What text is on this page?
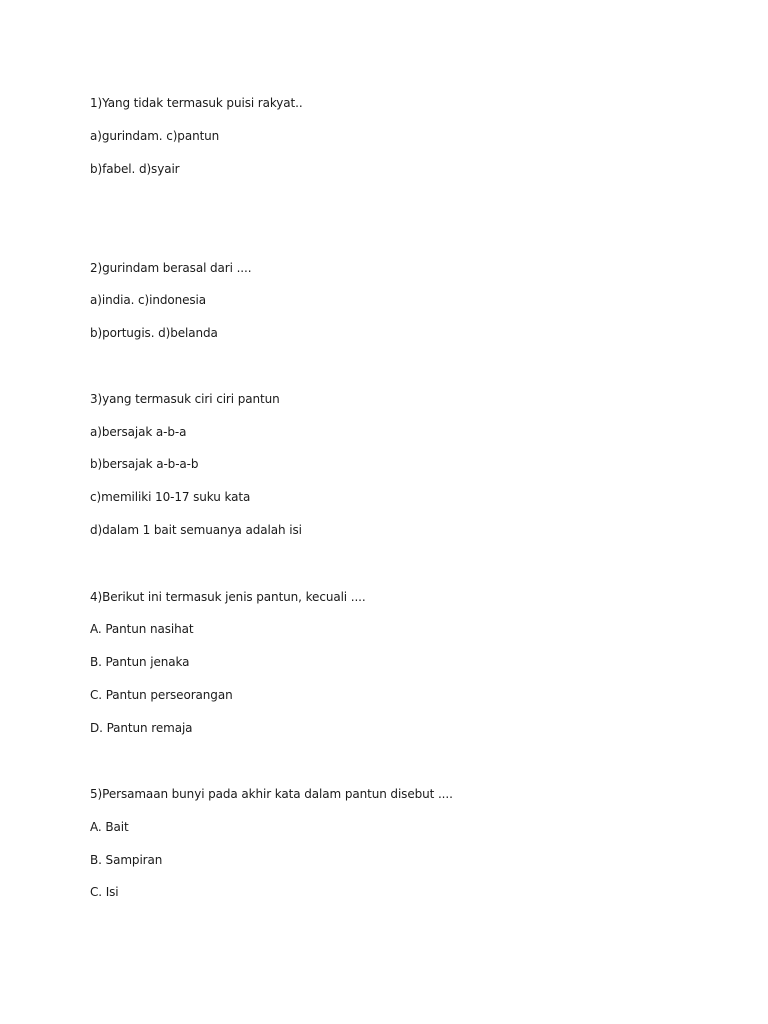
1)Yang tidak termasuk puisi rakyat..
a)gurindam. c)pantun
b)fabel. d)syair
2)gurindam berasal dari ....
a)india. c)indonesia
b)portugis. d)belanda
3)yang termasuk ciri ciri pantun
a)bersajak a-b-a
b)bersajak a-b-a-b
c)memiliki 10-17 suku kata
d)dalam 1 bait semuanya adalah isi
4)Berikut ini termasuk jenis pantun, kecuali ....
A. Pantun nasihat
B. Pantun jenaka
C. Pantun perseorangan
D. Pantun remaja
5)Persamaan bunyi pada akhir kata dalam pantun disebut ....
A. Bait
B. Sampiran
C. Isi
